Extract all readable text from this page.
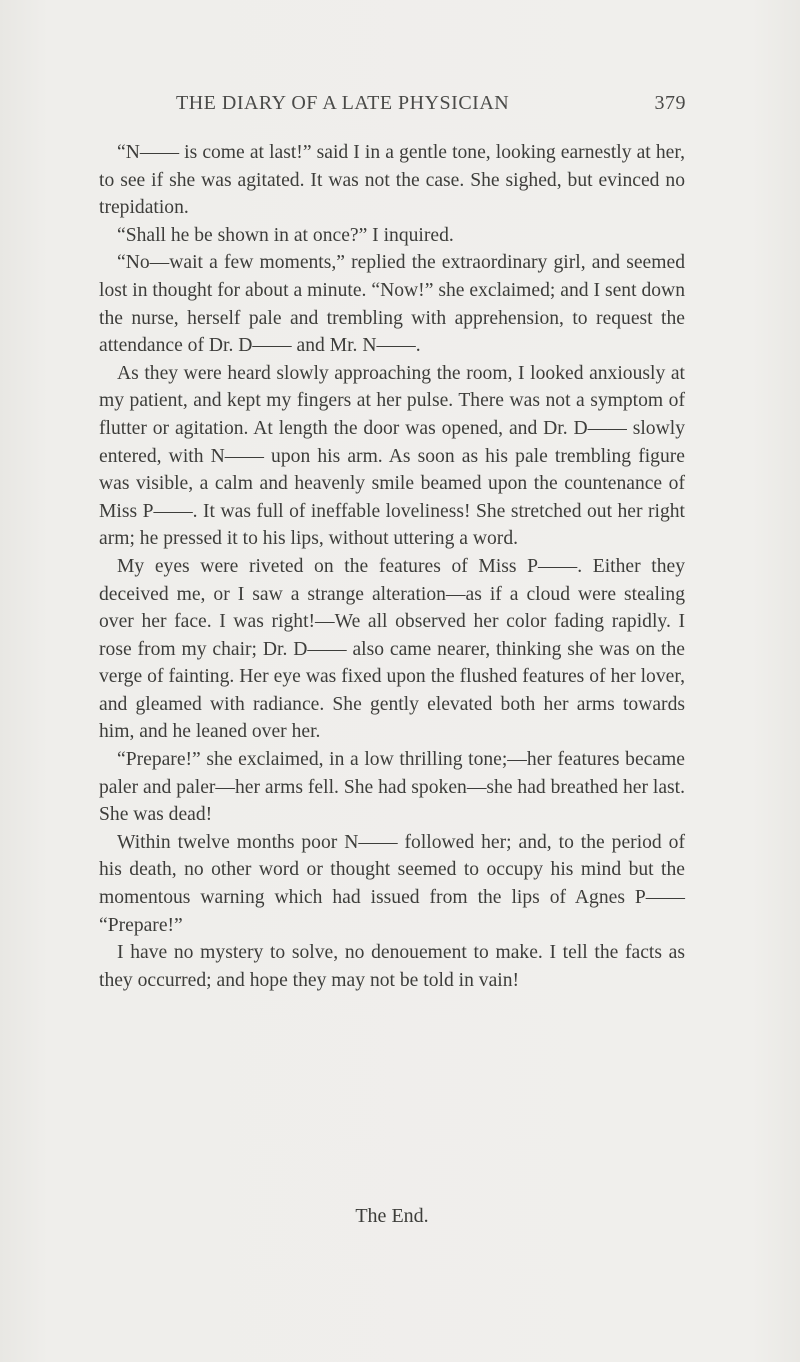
THE DIARY OF A LATE PHYSICIAN	379

“N—— is come at last!” said I in a gentle tone, looking earnestly at her, to see if she was agitated. It was not the case. She sighed, but evinced no trepidation.

“Shall he be shown in at once?” I inquired.

“No—wait a few moments,” replied the extraordinary girl, and seemed lost in thought for about a minute. “Now!” she exclaimed; and I sent down the nurse, herself pale and trembling with apprehension, to request the attendance of Dr. D—— and Mr. N——.

As they were heard slowly approaching the room, I looked anxiously at my patient, and kept my fingers at her pulse. There was not a symptom of flutter or agitation. At length the door was opened, and Dr. D—— slowly entered, with N—— upon his arm. As soon as his pale trembling figure was visible, a calm and heavenly smile beamed upon the countenance of Miss P——. It was full of ineffable loveliness! She stretched out her right arm; he pressed it to his lips, without uttering a word.

My eyes were riveted on the features of Miss P——. Either they deceived me, or I saw a strange alteration—as if a cloud were stealing over her face. I was right!—We all observed her color fading rapidly. I rose from my chair; Dr. D—— also came nearer, thinking she was on the verge of fainting. Her eye was fixed upon the flushed features of her lover, and gleamed with radiance. She gently elevated both her arms towards him, and he leaned over her.

“Prepare!” she exclaimed, in a low thrilling tone;—her features became paler and paler—her arms fell. She had spoken—she had breathed her last. She was dead!

Within twelve months poor N—— followed her; and, to the period of his death, no other word or thought seemed to occupy his mind but the momentous warning which had issued from the lips of Agnes P—— “Prepare!”

I have no mystery to solve, no denouement to make. I tell the facts as they occurred; and hope they may not be told in vain!

The End.
